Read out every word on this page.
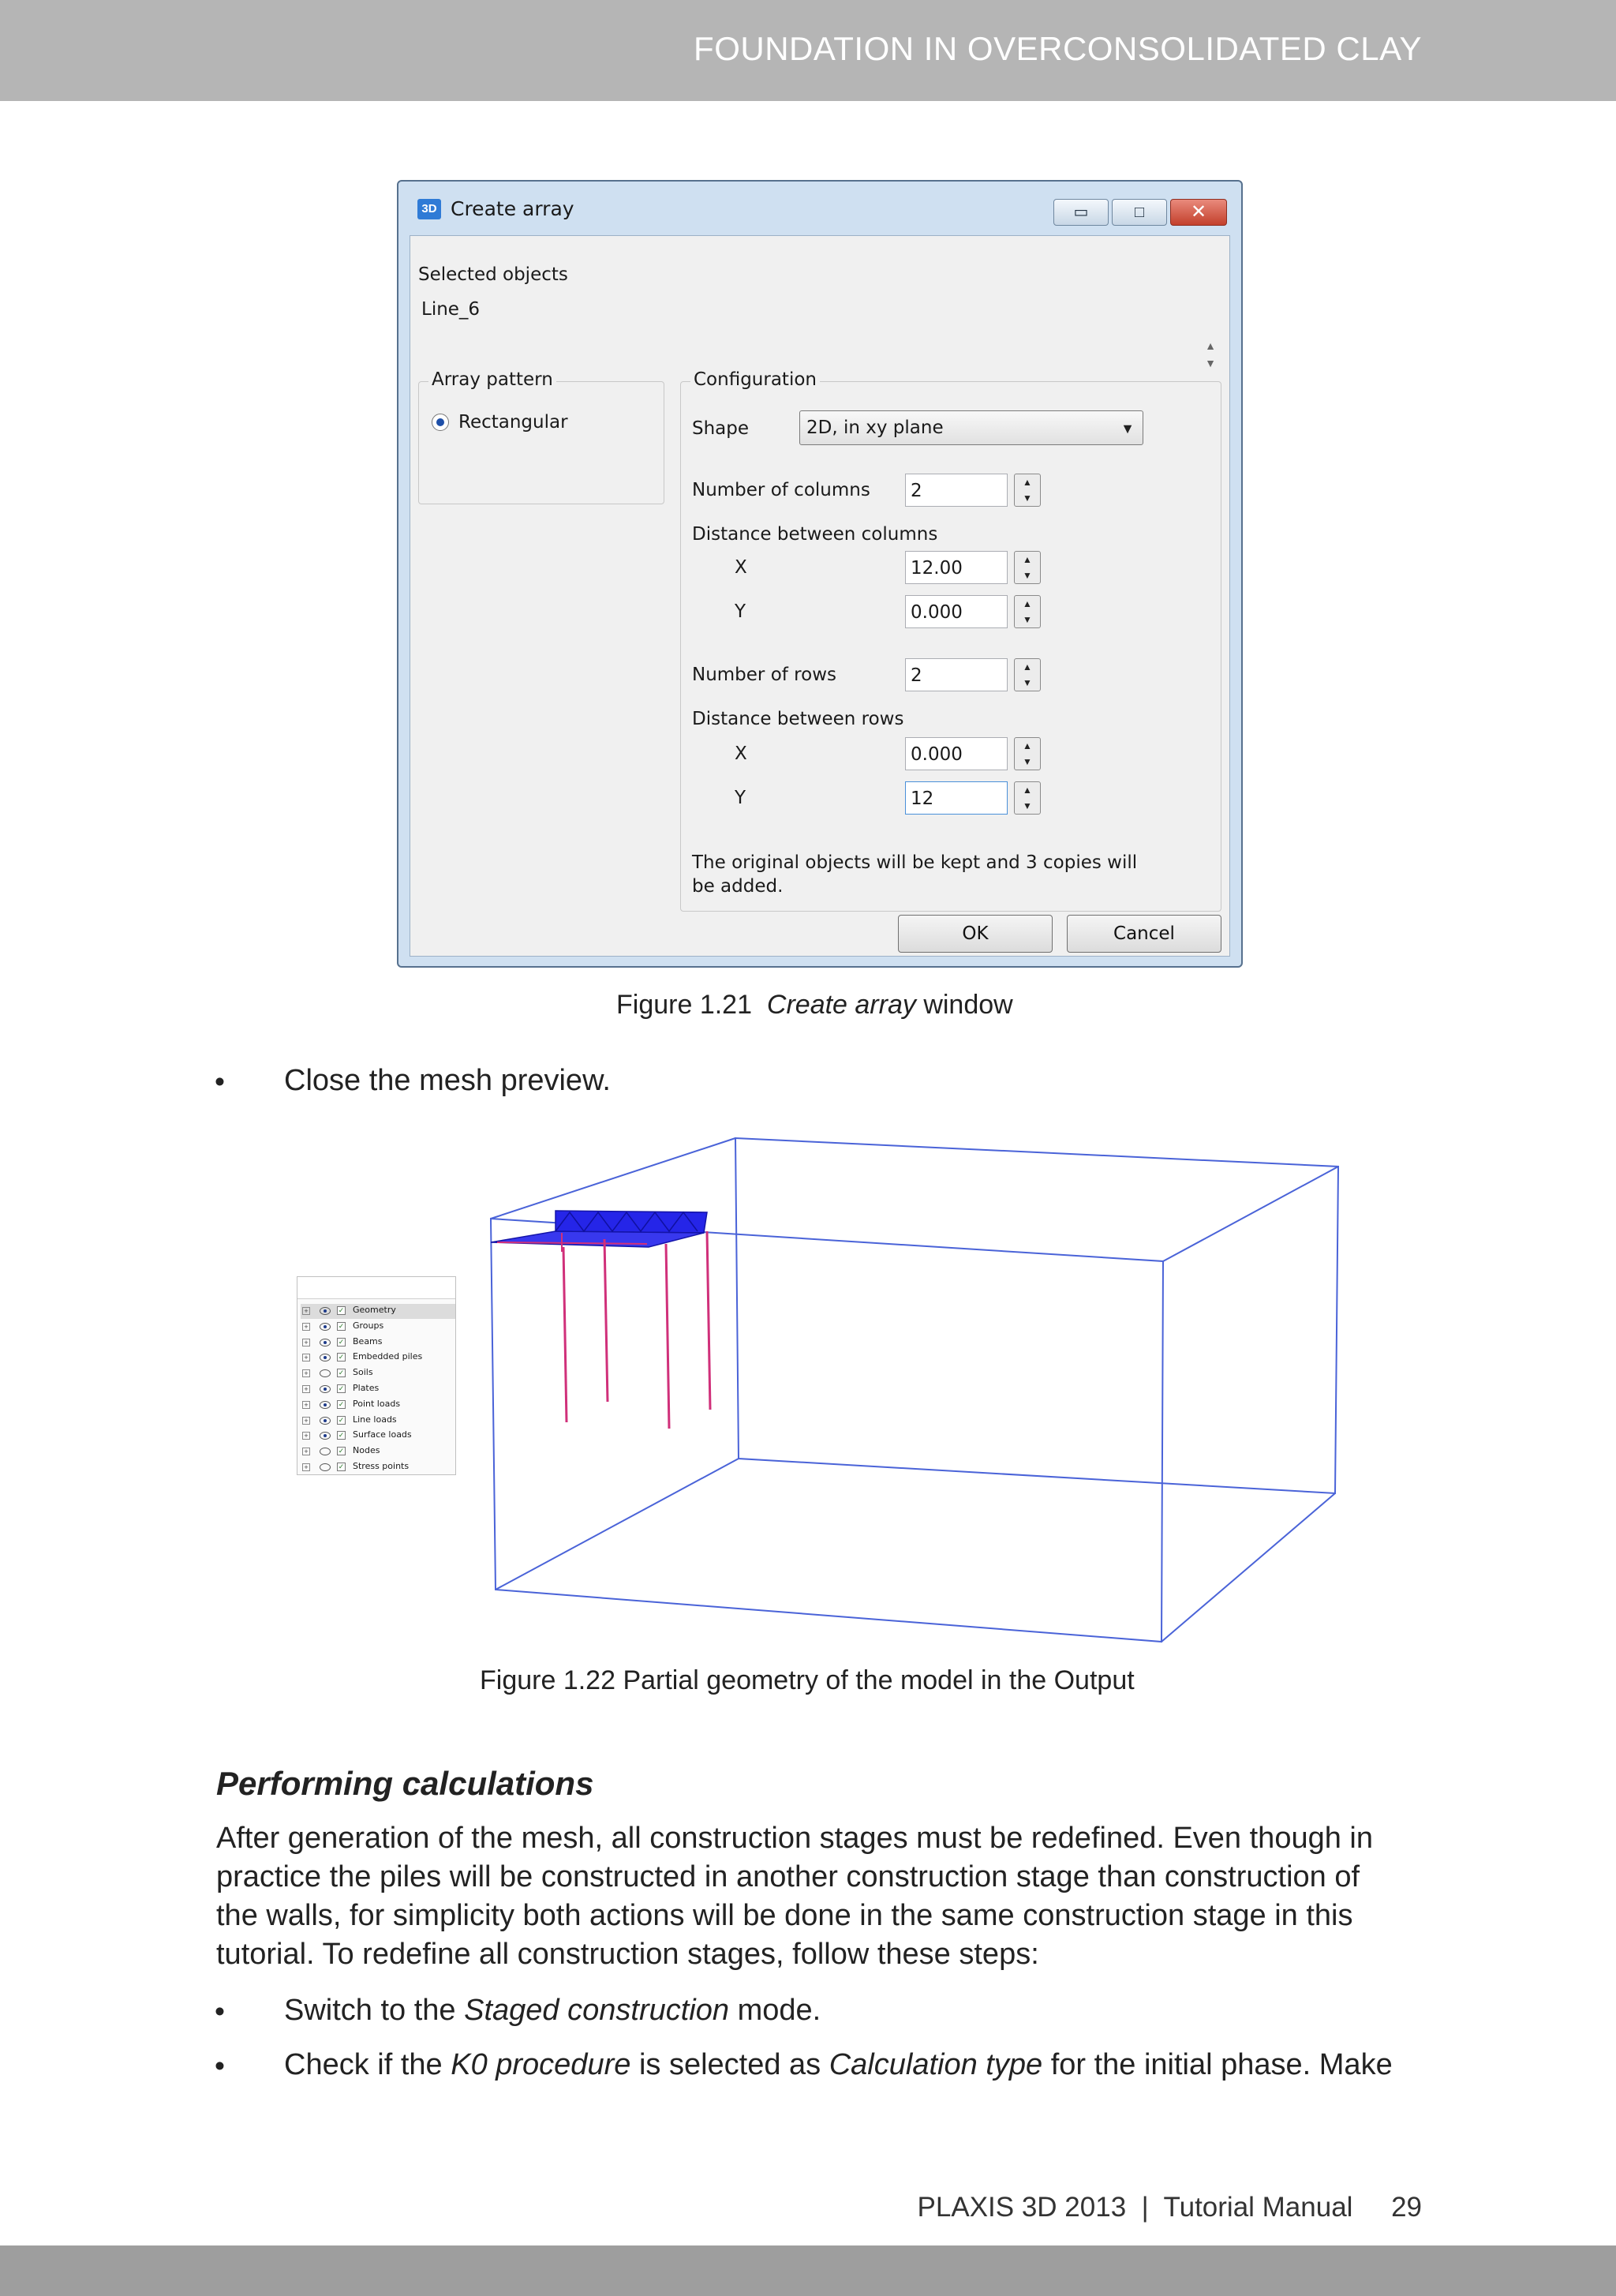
FOUNDATION IN OVERCONSOLIDATED CLAY
3D Create array	▭	□ ✕
Selected objects
Line_6
▲
▼
Array pattern
Rectangular
Configuration
Shape	2D, in xy plane	▼
Number of columns 2	▲
▼
Distance between columns
X	12.00	▲
▼
Y	0.000	▲
▼
Number of rows	2	▲
▼
Distance between rows
X	0.000	▲
▼
Y	12	▲
▼
The original objects will be kept and 3 copies will
be added.
OK	Cancel
Figure 1.21 Create array window
• Close the mesh preview.
+	✓ Geometry
+	✓ Groups
+	✓ Beams
+	✓ Embedded piles
+	✓ Soils
+	✓ Plates
+	✓ Point loads
+	✓ Line loads
+	✓ Surface loads
+	✓ Nodes
+	✓ Stress points
Figure 1.22 Partial geometry of the model in the Output
Performing calculations
After generation of the mesh, all construction stages must be redefined. Even though in
practice the piles will be constructed in another construction stage than construction of
the walls, for simplicity both actions will be done in the same construction stage in this
tutorial. To redefine all construction stages, follow these steps:
• Switch to the Staged construction mode.
• Check if the K0 procedure is selected as Calculation type for the initial phase. Make
PLAXIS 3D 2013  |  Tutorial Manual     29
